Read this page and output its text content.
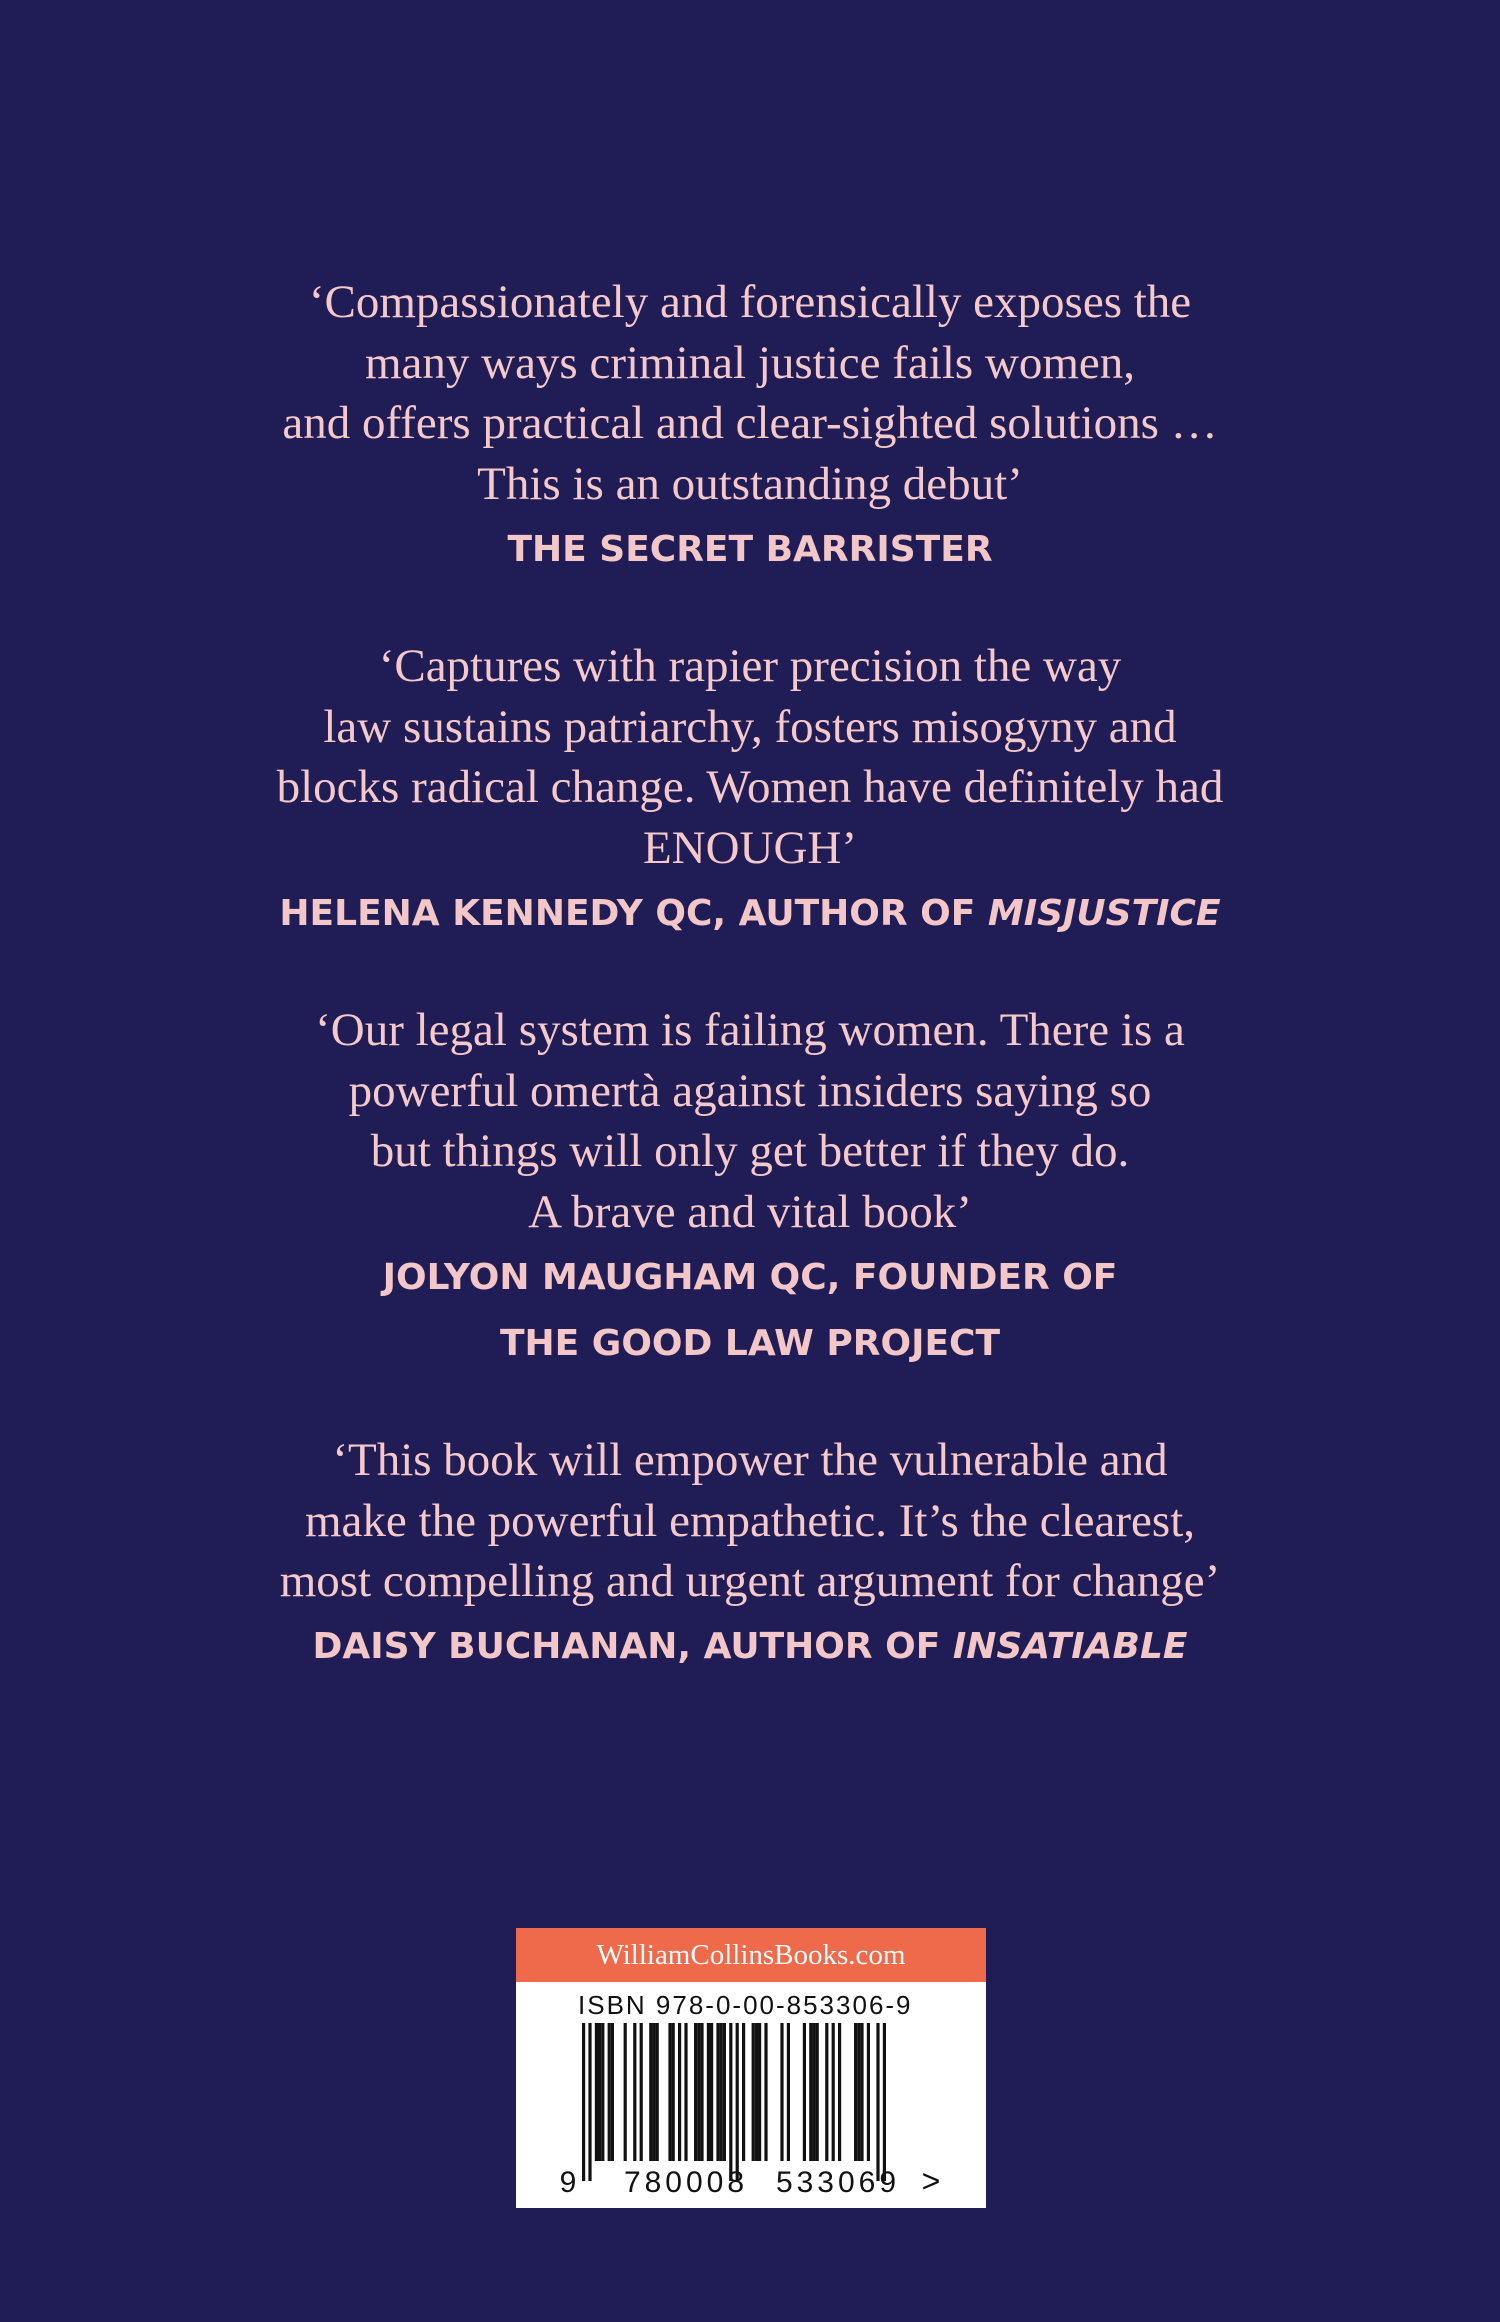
‘Compassionately and forensically exposes the
many ways criminal justice fails women,
and offers practical and clear-sighted solutions …
This is an outstanding debut’
THE SECRET BARRISTER
‘Captures with rapier precision the way
law sustains patriarchy, fosters misogyny and
blocks radical change. Women have definitely had
ENOUGH’
HELENA KENNEDY QC, AUTHOR OF MISJUSTICE
‘Our legal system is failing women. There is a
powerful omertà against insiders saying so
but things will only get better if they do.
A brave and vital book’
JOLYON MAUGHAM QC, FOUNDER OF
THE GOOD LAW PROJECT
‘This book will empower the vulnerable and
make the powerful empathetic. It’s the clearest,
most compelling and urgent argument for change’
DAISY BUCHANAN, AUTHOR OF INSATIABLE
WilliamCollinsBooks.com
ISBN 978-0-00-853306-9
9 780008 533069 >
